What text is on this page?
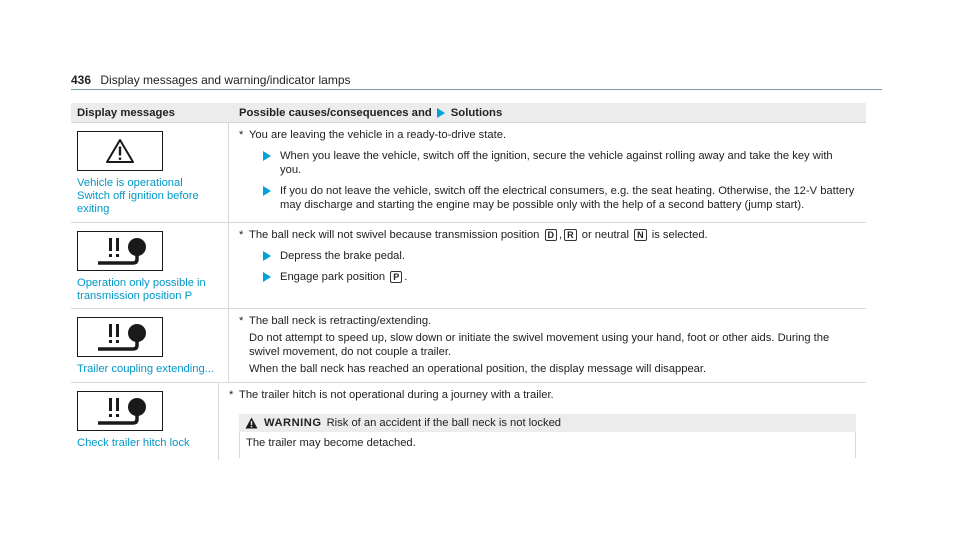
436 Display messages and warning/indicator lamps
Display messages	Possible causes/consequences and Solutions
Vehicle is operational
Switch off ignition before
exiting
* You are leaving the vehicle in a ready-to-drive state.
When you leave the vehicle, switch off the ignition, secure the vehicle against rolling away and take the key with you.
If you do not leave the vehicle, switch off the electrical consumers, e.g. the seat heating. Otherwise, the 12-V battery may discharge and starting the engine may be possible only with the help of a second battery (jump start).
Operation only possible in
transmission position P
* The ball neck will not swivel because transmission position D , R or neutral N is selected.
Depress the brake pedal.
Engage park position P .
Trailer coupling extending...
* The ball neck is retracting/extending.
Do not attempt to speed up, slow down or initiate the swivel movement using your hand, foot or other aids. During the swivel movement, do not couple a trailer.
When the ball neck has reached an operational position, the display message will disappear.
Check trailer hitch lock
* The trailer hitch is not operational during a journey with a trailer.
WARNING Risk of an accident if the ball neck is not locked
The trailer may become detached.
